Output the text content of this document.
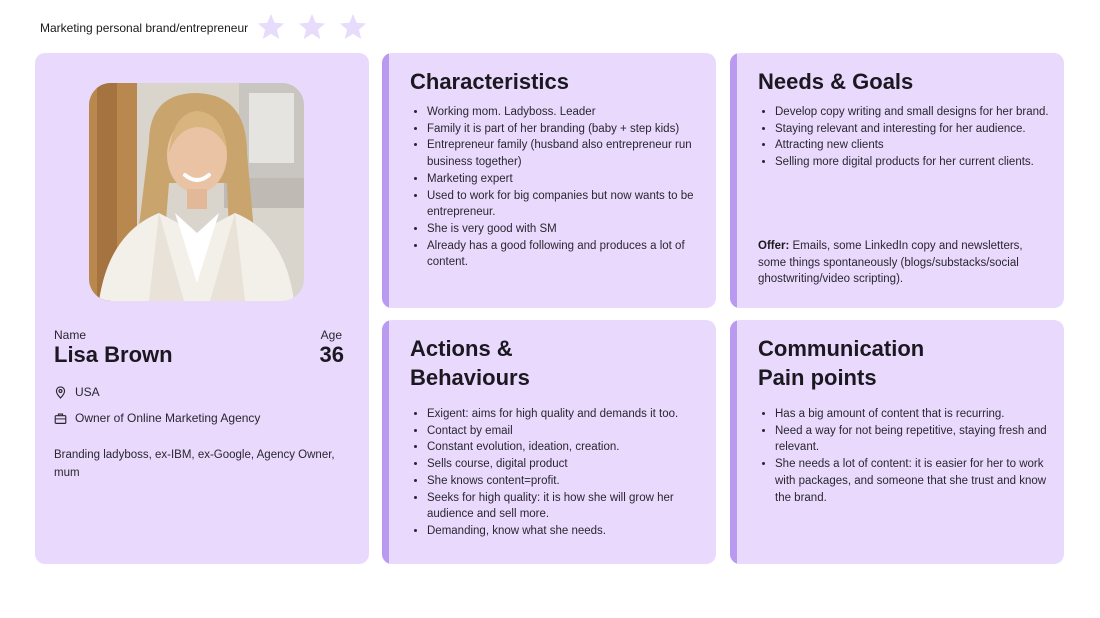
Marketing personal brand/entrepreneur
Name	Age
Lisa Brown	36
USA
Owner of Online Marketing Agency
Branding ladyboss, ex-IBM, ex-Google, Agency Owner, mum
Characteristics
• Working mom. Ladyboss. Leader
• Family it is part of her branding (baby + step kids)
• Entrepreneur family (husband also entrepreneur run business together)
• Marketing expert
• Used to work for big companies but now wants to be entrepreneur.
• She is very good with SM
• Already has a good following and produces a lot of content.
Needs & Goals
• Develop copy writing and small designs for her brand.
• Staying relevant and interesting for her audience.
• Attracting new clients
• Selling more digital products for her current clients.
Offer: Emails, some LinkedIn copy and newsletters, some things spontaneously (blogs/substacks/social ghostwriting/video scripting).
Actions &
Behaviours
• Exigent: aims for high quality and demands it too.
• Contact by email
• Constant evolution, ideation, creation.
• Sells course, digital product
• She knows content=profit.
• Seeks for high quality: it is how she will grow her audience and sell more.
• Demanding, know what she needs.
Communication
Pain points
• Has a big amount of content that is recurring.
• Need a way for not being repetitive, staying fresh and relevant.
• She needs a lot of content: it is easier for her to work with packages, and someone that she trust and know the brand.
